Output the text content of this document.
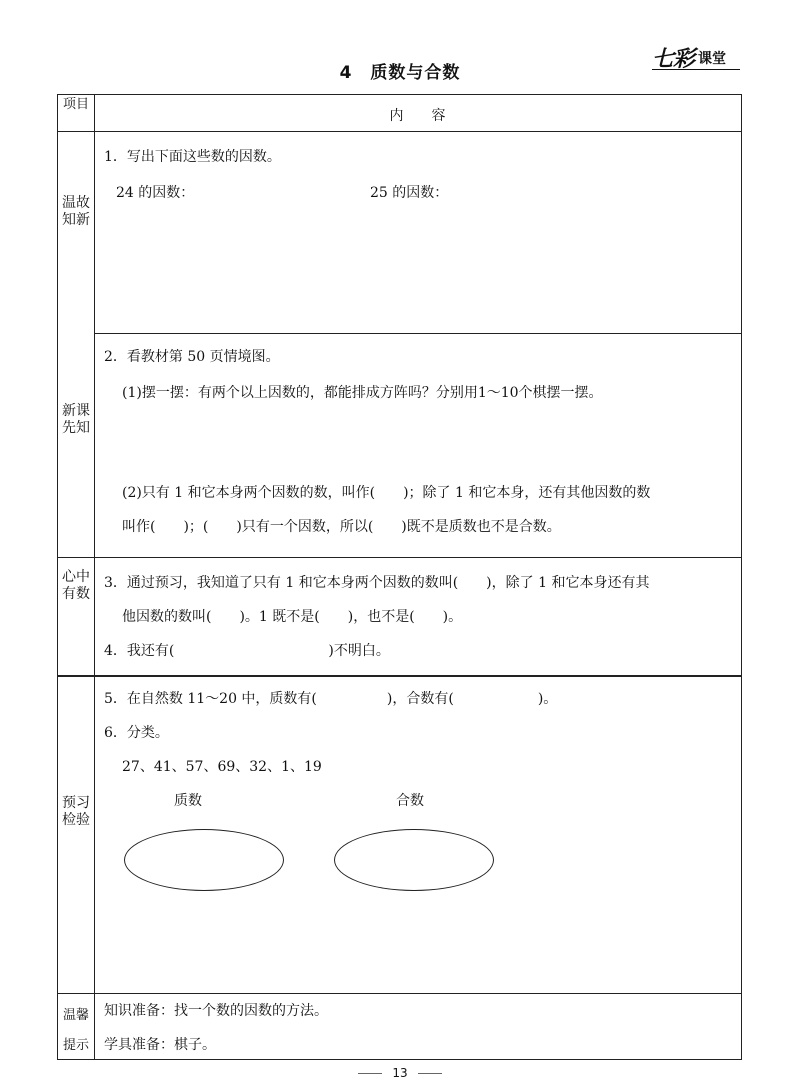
4　质数与合数
七彩 课堂
项目
内　　容
温故知新
新课先知
心中有数
预习检验
温馨提示
1．写出下面这些数的因数。
24 的因数：	25 的因数：
2．看教材第 50 页情境图。
(1)摆一摆：有两个以上因数的，都能排成方阵吗？分别用1～10个棋摆一摆。
(2)只有 1 和它本身两个因数的数，叫作(　　)；除了 1 和它本身，还有其他因数的数
叫作(　　)；(　　)只有一个因数，所以(　　)既不是质数也不是合数。
3．通过预习，我知道了只有 1 和它本身两个因数的数叫(　　)，除了 1 和它本身还有其
他因数的数叫(　　)。1 既不是(　　)，也不是(　　)。
4．我还有(　　　　　　　　　　　)不明白。
5．在自然数 11～20 中，质数有(　　　　　)，合数有(　　　　　　)。
6．分类。
27、41、57、69、32、1、19
质数	合数
知识准备：找一个数的因数的方法。
学具准备：棋子。
13
